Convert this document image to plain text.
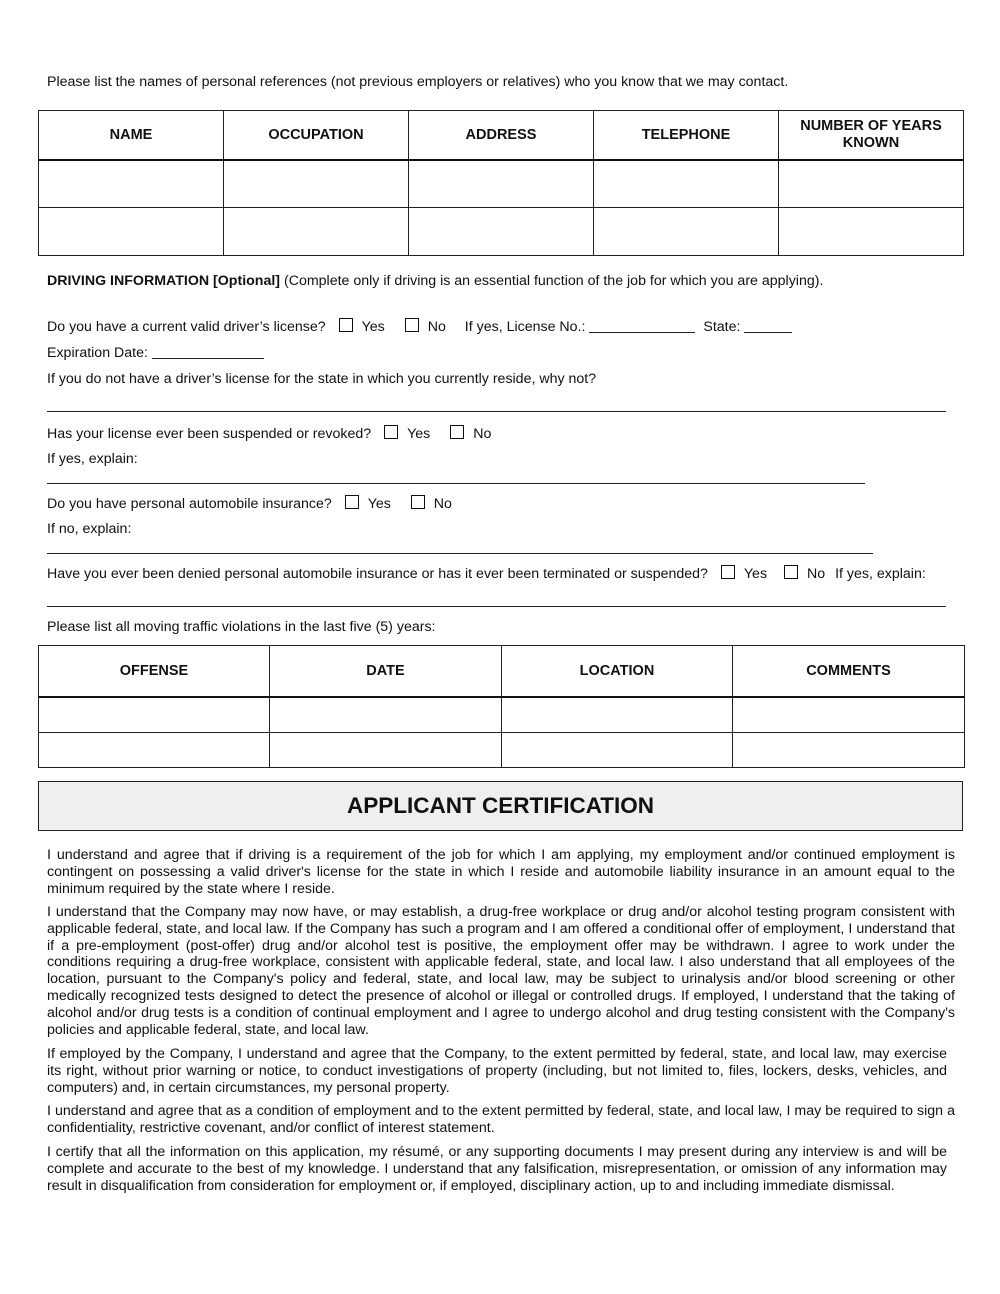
Please list the names of personal references (not previous employers or relatives) who you know that we may contact.
NAME	OCCUPATION	ADDRESS	TELEPHONE	NUMBER OF YEARS KNOWN

DRIVING INFORMATION [Optional] (Complete only if driving is an essential function of the job for which you are applying).
Do you have a current valid driver’s license?	Yes	No If yes, License No.:	State:
Expiration Date:
If you do not have a driver’s license for the state in which you currently reside, why not?
Has your license ever been suspended or revoked?	Yes	No
If yes, explain:
Do you have personal automobile insurance?	Yes	No
If no, explain:
Have you ever been denied personal automobile insurance or has it ever been terminated or suspended?	Yes	No If yes, explain:
Please list all moving traffic violations in the last five (5) years:
OFFENSE	DATE	LOCATION	COMMENTS

APPLICANT CERTIFICATION
I understand and agree that if driving is a requirement of the job for which I am applying, my employment and/or continued employment is contingent on possessing a valid driver's license for the state in which I reside and automobile liability insurance in an amount equal to the minimum required by the state where I reside.
I understand that the Company may now have, or may establish, a drug-free workplace or drug and/or alcohol testing program consistent with applicable federal, state, and local law. If the Company has such a program and I am offered a conditional offer of employment, I understand that if a pre-employment (post-offer) drug and/or alcohol test is positive, the employment offer may be withdrawn. I agree to work under the conditions requiring a drug-free workplace, consistent with applicable federal, state, and local law. I also understand that all employees of the location, pursuant to the Company's policy and federal, state, and local law, may be subject to urinalysis and/or blood screening or other medically recognized tests designed to detect the presence of alcohol or illegal or controlled drugs. If employed, I understand that the taking of alcohol and/or drug tests is a condition of continual employment and I agree to undergo alcohol and drug testing consistent with the Company's policies and applicable federal, state, and local law.
If employed by the Company, I understand and agree that the Company, to the extent permitted by federal, state, and local law, may exercise its right, without prior warning or notice, to conduct investigations of property (including, but not limited to, files, lockers, desks, vehicles, and computers) and, in certain circumstances, my personal property.
I understand and agree that as a condition of employment and to the extent permitted by federal, state, and local law, I may be required to sign a confidentiality, restrictive covenant, and/or conflict of interest statement.
I certify that all the information on this application, my résumé, or any supporting documents I may present during any interview is and will be complete and accurate to the best of my knowledge. I understand that any falsification, misrepresentation, or omission of any information may result in disqualification from consideration for employment or, if employed, disciplinary action, up to and including immediate dismissal.
